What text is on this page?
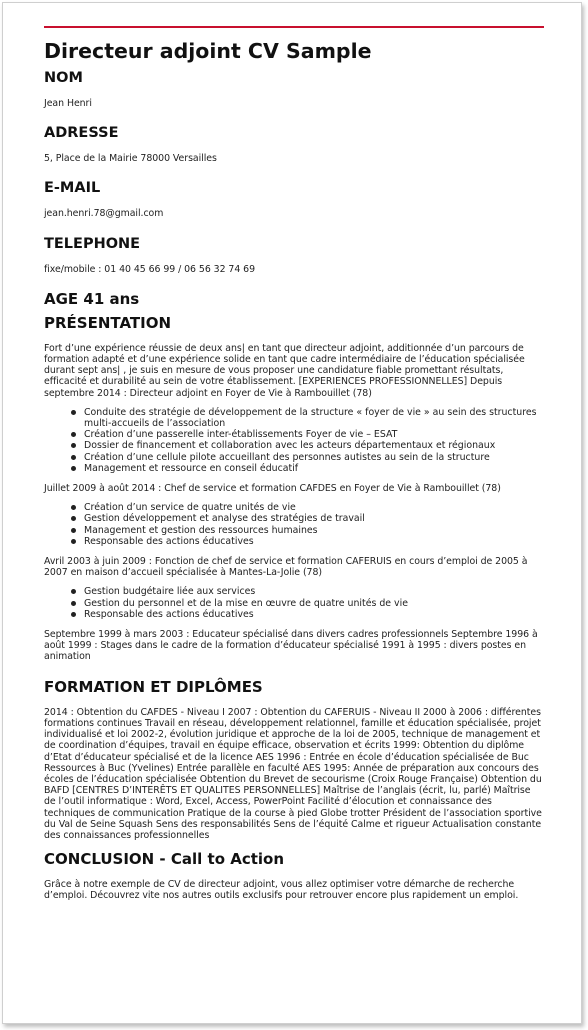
Directeur adjoint CV Sample
NOM

Jean Henri

ADRESSE

5, Place de la Mairie 78000 Versailles

E-MAIL

jean.henri.78@gmail.com

TELEPHONE

fixe/mobile : 01 40 45 66 99 / 06 56 32 74 69

AGE 41 ans
PRÉSENTATION

Fort d’une expérience réussie de deux ans| en tant que directeur adjoint, additionnée d’un parcours de formation adapté et d’une expérience solide en tant que cadre intermédiaire de l’éducation spécialisée durant sept ans| , je suis en mesure de vous proposer une candidature fiable promettant résultats, efficacité et durabilité au sein de votre établissement. [EXPERIENCES PROFESSIONNELLES] Depuis septembre 2014 : Directeur adjoint en Foyer de Vie à Rambouillet (78)

Conduite des stratégie de développement de la structure « foyer de vie » au sein des structures multi-accueils de l’association
Création d’une passerelle inter-établissements Foyer de vie – ESAT
Dossier de financement et collaboration avec les acteurs départementaux et régionaux
Création d’une cellule pilote accueillant des personnes autistes au sein de la structure
Management et ressource en conseil éducatif

Juillet 2009 à août 2014 : Chef de service et formation CAFDES en Foyer de Vie à Rambouillet (78)

Création d’un service de quatre unités de vie
Gestion développement et analyse des stratégies de travail
Management et gestion des ressources humaines
Responsable des actions éducatives

Avril 2003 à juin 2009 : Fonction de chef de service et formation CAFERUIS en cours d’emploi de 2005 à 2007 en maison d’accueil spécialisée à Mantes-La-Jolie (78)

Gestion budgétaire liée aux services
Gestion du personnel et de la mise en œuvre de quatre unités de vie
Responsable des actions éducatives

Septembre 1999 à mars 2003 : Educateur spécialisé dans divers cadres professionnels Septembre 1996 à août 1999 : Stages dans le cadre de la formation d’éducateur spécialisé 1991 à 1995 : divers postes en animation

FORMATION ET DIPLÔMES

2014 : Obtention du CAFDES - Niveau I 2007 : Obtention du CAFERUIS - Niveau II 2000 à 2006 : différentes formations continues Travail en réseau, développement relationnel, famille et éducation spécialisée, projet individualisé et loi 2002-2, évolution juridique et approche de la loi de 2005, technique de management et de coordination d’équipes, travail en équipe efficace, observation et écrits 1999: Obtention du diplôme d’Etat d’éducateur spécialisé et de la licence AES 1996 : Entrée en école d’éducation spécialisée de Buc Ressources à Buc (Yvelines) Entrée parallèle en faculté AES 1995: Année de préparation aux concours des écoles de l’éducation spécialisée Obtention du Brevet de secourisme (Croix Rouge Française) Obtention du BAFD [CENTRES D’INTERÊTS ET QUALITES PERSONNELLES] Maîtrise de l’anglais (écrit, lu, parlé) Maîtrise de l’outil informatique : Word, Excel, Access, PowerPoint Facilité d’élocution et connaissance des techniques de communication Pratique de la course à pied Globe trotter Président de l’association sportive du Val de Seine Squash Sens des responsabilités Sens de l’équité Calme et rigueur Actualisation constante des connaissances professionnelles

CONCLUSION - Call to Action

Grâce à notre exemple de CV de directeur adjoint, vous allez optimiser votre démarche de recherche d’emploi. Découvrez vite nos autres outils exclusifs pour retrouver encore plus rapidement un emploi.
